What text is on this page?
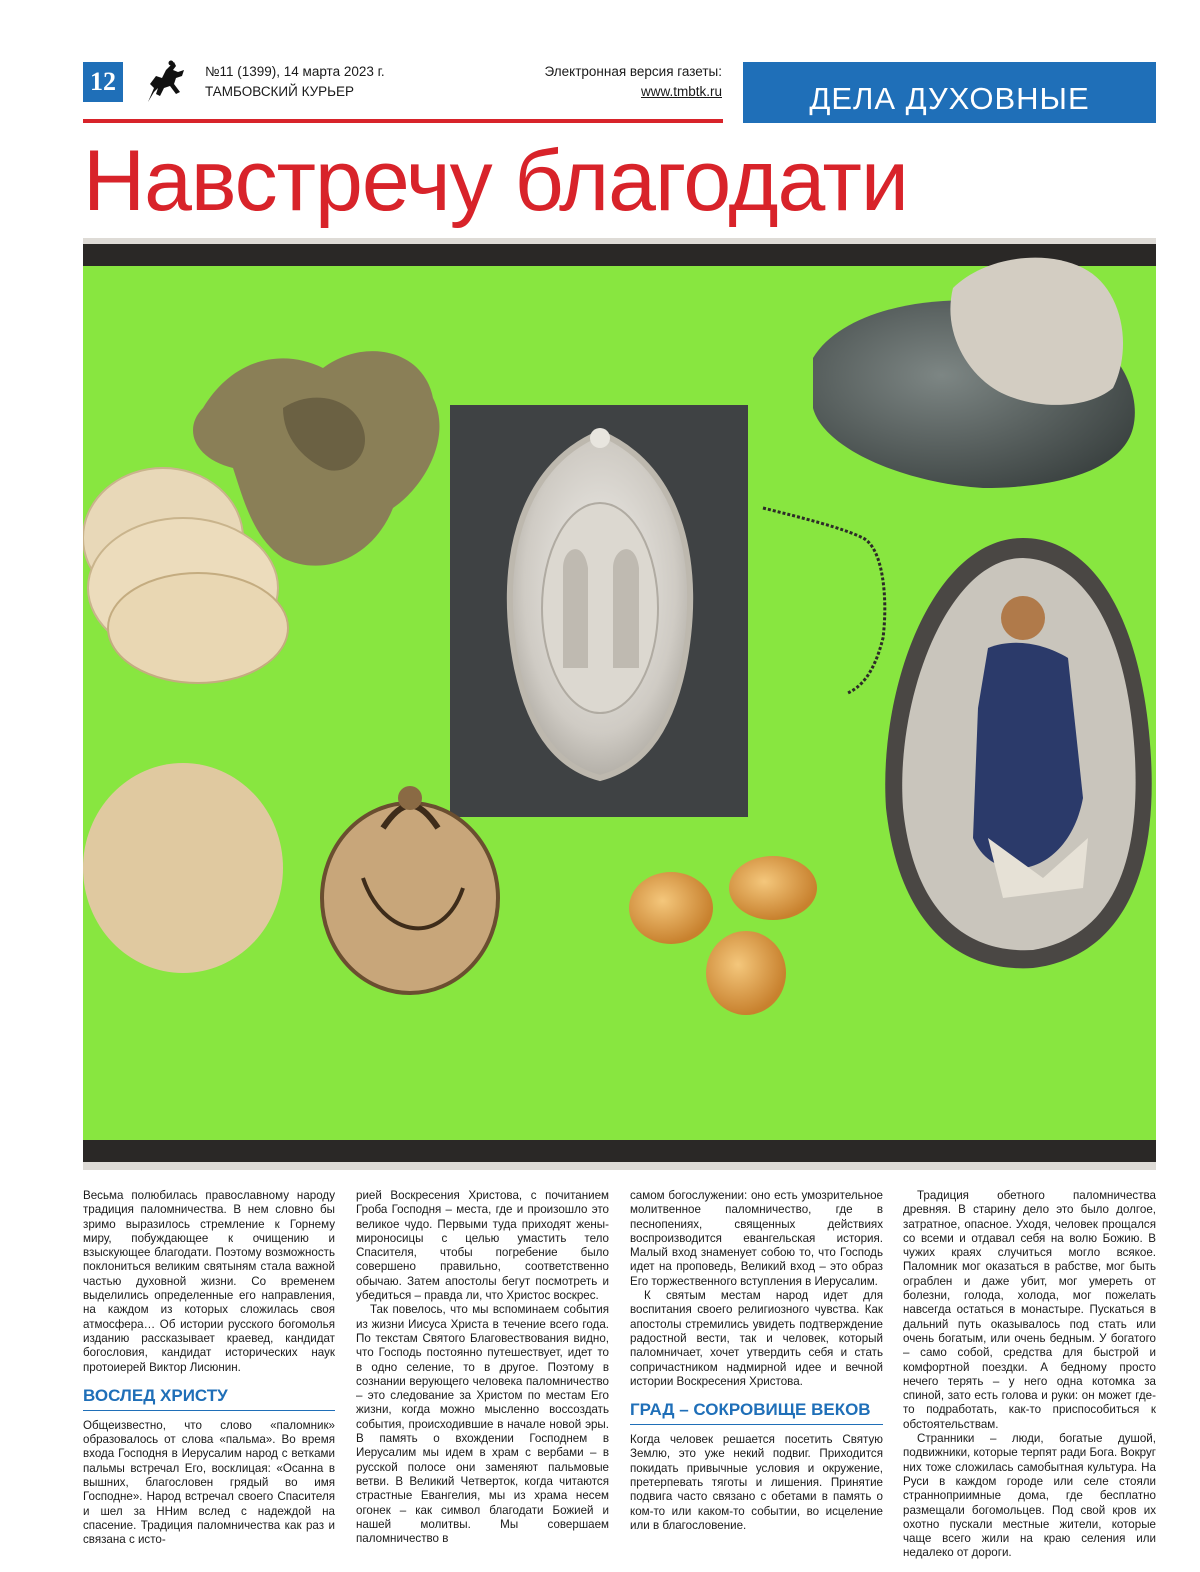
12	№11 (1399), 14 марта 2023 г.
ТАМБОВСКИЙ КУРЬЕР
Электронная версия газеты:
www.tmbtk.ru	ДЕЛА ДУХОВНЫЕ
Навстречу благодати

Весьма полюбилась православному народу традиция паломничества. В нем словно бы зримо выразилось стремление к Горнему миру, побуждающее к очищению и взыскующее благодати. Поэтому возможность поклониться великим святыням стала важной частью духовной жизни. Со временем выделились определенные его направления, на каждом из которых сложилась своя атмосфера… Об истории русского богомолья изданию рассказывает краевед, кандидат богословия, кандидат исторических наук протоиерей Виктор Лисюнин.

ВОСЛЕД ХРИСТУ

Общеизвестно, что слово «паломник» образовалось от слова «пальма». Во время входа Господня в Иерусалим народ с ветками пальмы встречал Его, восклицая: «Осанна в вышних, благословен грядый во имя Господне». Народ встречал своего Спасителя и шел за ННим вслед с надеждой на спасение. Традиция паломничества как раз и связана с исто-

рией Воскресения Христова, с почитанием Гроба Господня – места, где и произошло это великое чудо. Первыми туда приходят жены-мироносицы с целью умастить тело Спасителя, чтобы погребение было совершено правильно, соответственно обычаю. Затем апостолы бегут посмотреть и убедиться – правда ли, что Христос воскрес.

Так повелось, что мы вспоминаем события из жизни Иисуса Христа в течение всего года. По текстам Святого Благовествования видно, что Господь постоянно путешествует, идет то в одно селение, то в другое. Поэтому в сознании верующего человека паломничество – это следование за Христом по местам Его жизни, когда можно мысленно воссоздать события, происходившие в начале новой эры. В память о вхождении Господнем в Иерусалим мы идем в храм с вербами – в русской полосе они заменяют пальмовые ветви. В Великий Четверток, когда читаются страстные Евангелия, мы из храма несем огонек – как символ благодати Божией и нашей молитвы. Мы совершаем паломничество в

самом богослужении: оно есть умозрительное молитвенное паломничество, где в песнопениях, священных действиях воспроизводится евангельская история. Малый вход знаменует собою то, что Господь идет на проповедь, Великий вход – это образ Его торжественного вступления в Иерусалим.

К святым местам народ идет для воспитания своего религиозного чувства. Как апостолы стремились увидеть подтверждение радостной вести, так и человек, который паломничает, хочет утвердить себя и стать сопричастником надмирной идее и вечной истории Воскресения Христова.

ГРАД – СОКРОВИЩЕ ВЕКОВ

Когда человек решается посетить Святую Землю, это уже некий подвиг. Приходится покидать привычные условия и окружение, претерпевать тяготы и лишения. Принятие подвига часто связано с обетами в память о ком-то или каком-то событии, во исцеление или в благословение.

Традиция обетного паломничества древняя. В старину дело это было долгое, затратное, опасное. Уходя, человек прощался со всеми и отдавал себя на волю Божию. В чужих краях случиться могло всякое. Паломник мог оказаться в рабстве, мог быть ограблен и даже убит, мог умереть от болезни, голода, холода, мог пожелать навсегда остаться в монастыре. Пускаться в дальний путь оказывалось под стать или очень богатым, или очень бедным. У богатого – само собой, средства для быстрой и комфортной поездки. А бедному просто нечего терять – у него одна котомка за спиной, зато есть голова и руки: он может где-то подработать, как-то приспособиться к обстоятельствам.

Странники – люди, богатые душой, подвижники, которые терпят ради Бога. Вокруг них тоже сложилась самобытная культура. На Руси в каждом городе или селе стояли странноприимные дома, где бесплатно размещали богомольцев. Под свой кров их охотно пускали местные жители, которые чаще всего жили на краю селения или недалеко от дороги.
